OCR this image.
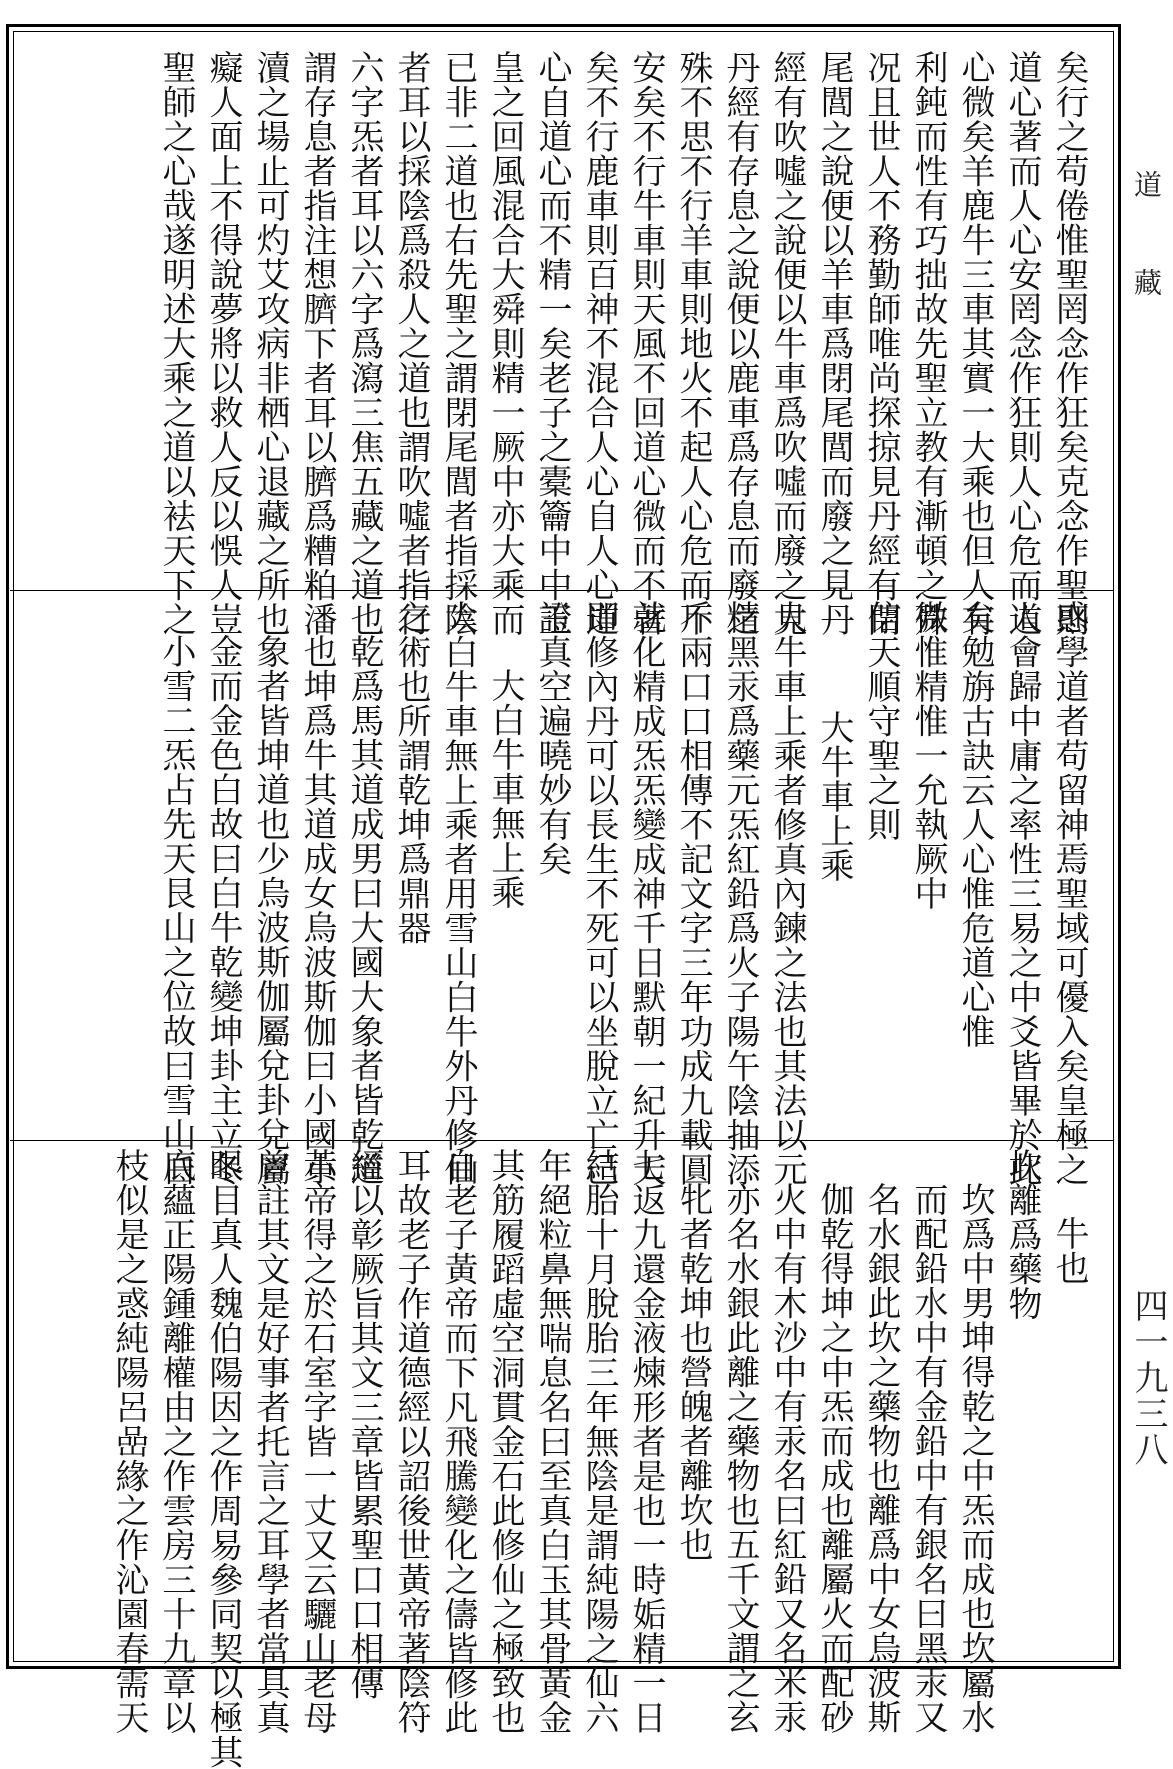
矣行之苟倦惟聖罔念作狂矣克念作聖則
道心著而人心安罔念作狂則人心危而道
心微矣羊鹿牛三車其實一大乘也但人有
利鈍而性有巧拙故先聖立教有漸頓之殊
况且世人不務勤師唯尚探掠見丹經有閉
尾閭之說便以羊車爲閉尾閭而廢之見丹
經有吹噓之說便以牛車爲吹噓而廢之見
丹經有存息之說便以鹿車爲存息而廢之
殊不思不行羊車則地火不起人心危而不
安矣不行牛車則天風不回道心微而不著
矣不行鹿車則百神不混合人心自人心道
心自道心而不精一矣老子之橐籥中中玉
皇之回風混合大舜則精一厥中亦大乘而
已非二道也右先聖之謂閉尾閭者指採陰
者耳以採陰爲殺人之道也謂吹噓者指行
六字炁者耳以六字爲瀉三焦五藏之道也
謂存息者指注想臍下者耳以臍爲糟粕潘
瀆之場止可灼艾攻病非栖心退藏之所也
癡人面上不得說夢將以救人反以悞人豈
聖師之心哉遂明述大乘之道以袪天下之
惑學道者苟留神焉聖域可優入矣皇極之
人會歸中庸之率性三易之中爻皆畢於此
矣勉旃古訣云人心惟危道心惟
微惟精惟一允執厥中
信天順守聖之則
大牛車上乘
大牛車上乘者修真內鍊之法也其法以元
精黑汞爲藥元炁紅鉛爲火子陽午陰抽添
斤兩口口相傳不記文字三年功成九載圓
就化精成炁炁變成神千日默朝一紀升天
即修內丹可以長生不死可以坐脫立亡己
證真空遍曉妙有矣
大白牛車無上乘
大白牛車無上乘者用雪山白牛外丹修仙
之術也所謂乾坤爲鼎器
乾爲馬其道成男曰大國大象者皆乾道
也坤爲牛其道成女烏波斯伽曰小國小
象者皆坤道也少烏波斯伽屬兌卦兌屬
金而金色白故曰白牛乾變坤卦主立冬
小雪二炁占先天艮山之位故曰雪山白
牛也
坎離爲藥物
坎爲中男坤得乾之中炁而成也坎屬水
而配鉛水中有金鉛中有銀名曰黑汞又
名水銀此坎之藥物也離爲中女烏波斯
伽乾得坤之中炁而成也離屬火而配砂
火中有木沙中有汞名曰紅鉛又名米汞
亦名水銀此離之藥物也五千文謂之玄
牝者乾坤也營魄者離坎也
七返九還金液煉形者是也一時姤精一日
結胎十月脫胎三年無陰是謂純陽之仙六
年絕粒鼻無喘息名曰至真白玉其骨黃金
其筋履蹈虛空洞貫金石此修仙之極致也
自老子黃帝而下凡飛騰變化之儔皆修此
耳故老子作道德經以詔後世黃帝著陰符
經以彰厥旨其文三章皆累聖口口相傳
黃帝得之於石室字皆一丈又云驪山老母
曾註其文是好事者托言之耳學者當具真
眼目真人魏伯陽因之作周易參同契以極其
底蘊正陽鍾離權由之作雲房三十九章以
枝似是之惑純陽呂嵒緣之作沁園春需天
道藏
四一九三八
